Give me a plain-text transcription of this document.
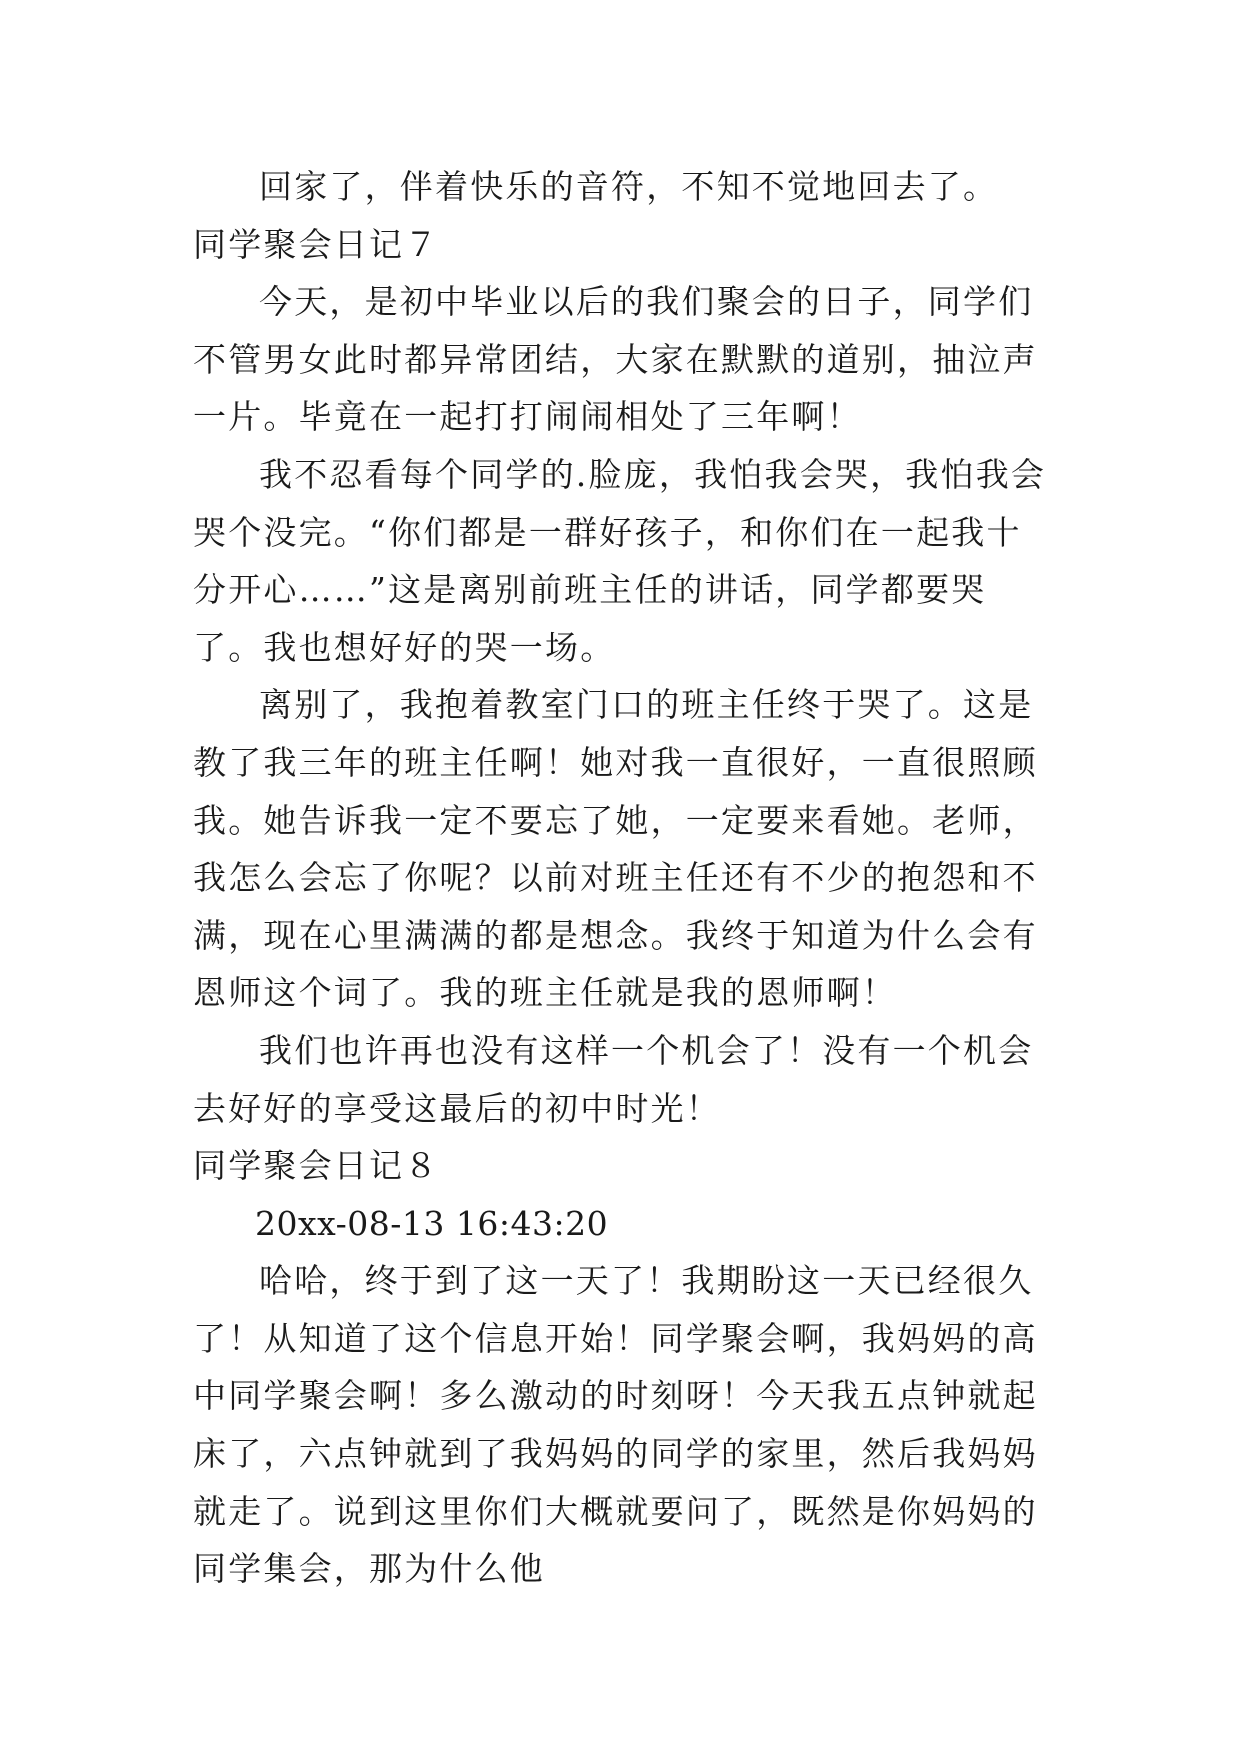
回家了，伴着快乐的音符，不知不觉地回去了。

同学聚会日记７

今天，是初中毕业以后的我们聚会的日子，同学们不管男女此时都异常团结，大家在默默的道别，抽泣声一片。毕竟在一起打打闹闹相处了三年啊！

我不忍看每个同学的.脸庞，我怕我会哭，我怕我会哭个没完。“你们都是一群好孩子，和你们在一起我十分开心……”这是离别前班主任的讲话，同学都要哭了。我也想好好的哭一场。

离别了，我抱着教室门口的班主任终于哭了。这是教了我三年的班主任啊！她对我一直很好，一直很照顾我。她告诉我一定不要忘了她，一定要来看她。老师，我怎么会忘了你呢？以前对班主任还有不少的抱怨和不满，现在心里满满的都是想念。我终于知道为什么会有恩师这个词了。我的班主任就是我的恩师啊！

我们也许再也没有这样一个机会了！没有一个机会去好好的享受这最后的初中时光！

同学聚会日记８

20xx-08-13 16:43:20

哈哈，终于到了这一天了！我期盼这一天已经很久了！从知道了这个信息开始！同学聚会啊，我妈妈的高中同学聚会啊！多么激动的时刻呀！今天我五点钟就起床了，六点钟就到了我妈妈的同学的家里，然后我妈妈就走了。说到这里你们大概就要问了，既然是你妈妈的同学集会，那为什么他
